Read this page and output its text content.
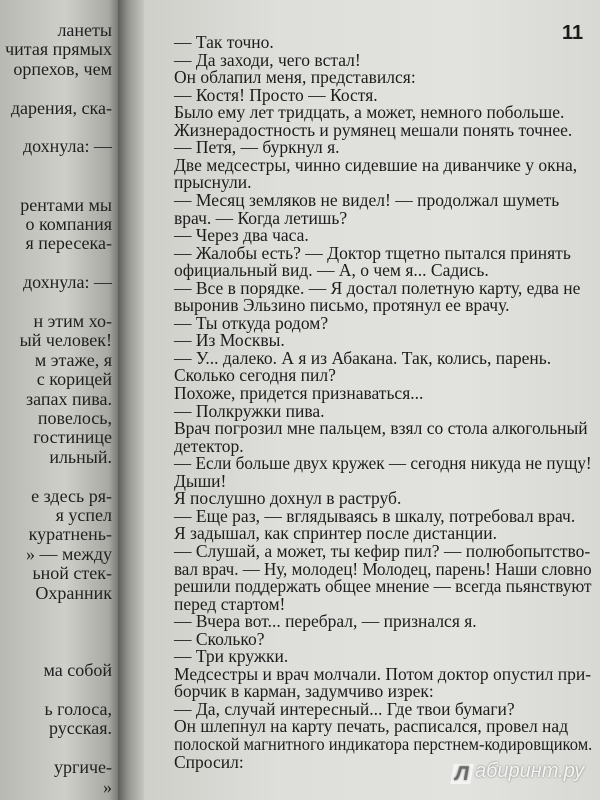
ланеты
читая прямых
орпехов, чем
дарения, ска-
дохнула: —
рентами мы
о компания
я пересека-
дохнула: —
н этим хо-
ый человек!
м этаже, я
с корицей
запах пива.
повелось,
гостинице
ильный.
е здесь ря-
я успел
куратнень-
» — между
ьной стек-
Охранник
ма собой
ь голоса,
русская.
ургиче-
»
11
— Так точно.
— Да заходи, чего встал!
Он облапил меня, представился:
— Костя! Просто — Костя.
Было ему лет тридцать, а может, немного побольше.
Жизнерадостность и румянец мешали понять точнее.
— Петя, — буркнул я.
Две медсестры, чинно сидевшие на диванчике у окна,
прыснули.
— Месяц земляков не видел! — продолжал шуметь
врач. — Когда летишь?
— Через два часа.
— Жалобы есть? — Доктор тщетно пытался принять
официальный вид. — А, о чем я... Садись.
— Все в порядке. — Я достал полетную карту, едва не
выронив Эльзино письмо, протянул ее врачу.
— Ты откуда родом?
— Из Москвы.
— У... далеко. А я из Абакана. Так, колись, парень.
Сколько сегодня пил?
Похоже, придется признаваться...
— Полкружки пива.
Врач погрозил мне пальцем, взял со стола алкогольный
детектор.
— Если больше двух кружек — сегодня никуда не пущу!
Дыши!
Я послушно дохнул в раструб.
— Еще раз, — вглядываясь в шкалу, потребовал врач.
Я задышал, как спринтер после дистанции.
— Слушай, а может, ты кефир пил? — полюбопытство-
вал врач. — Ну, молодец! Молодец, парень! Наши словно
решили поддержать общее мнение — всегда пьянствуют
перед стартом!
— Вчера вот... перебрал, — признался я.
— Сколько?
— Три кружки.
Медсестры и врач молчали. Потом доктор опустил при-
борчик в карман, задумчиво изрек:
— Да, случай интересный... Где твои бумаги?
Он шлепнул на карту печать, расписался, провел над
полоской магнитного индикатора перстнем-кодировщиком.
Спросил:
Л абиринт.ру
